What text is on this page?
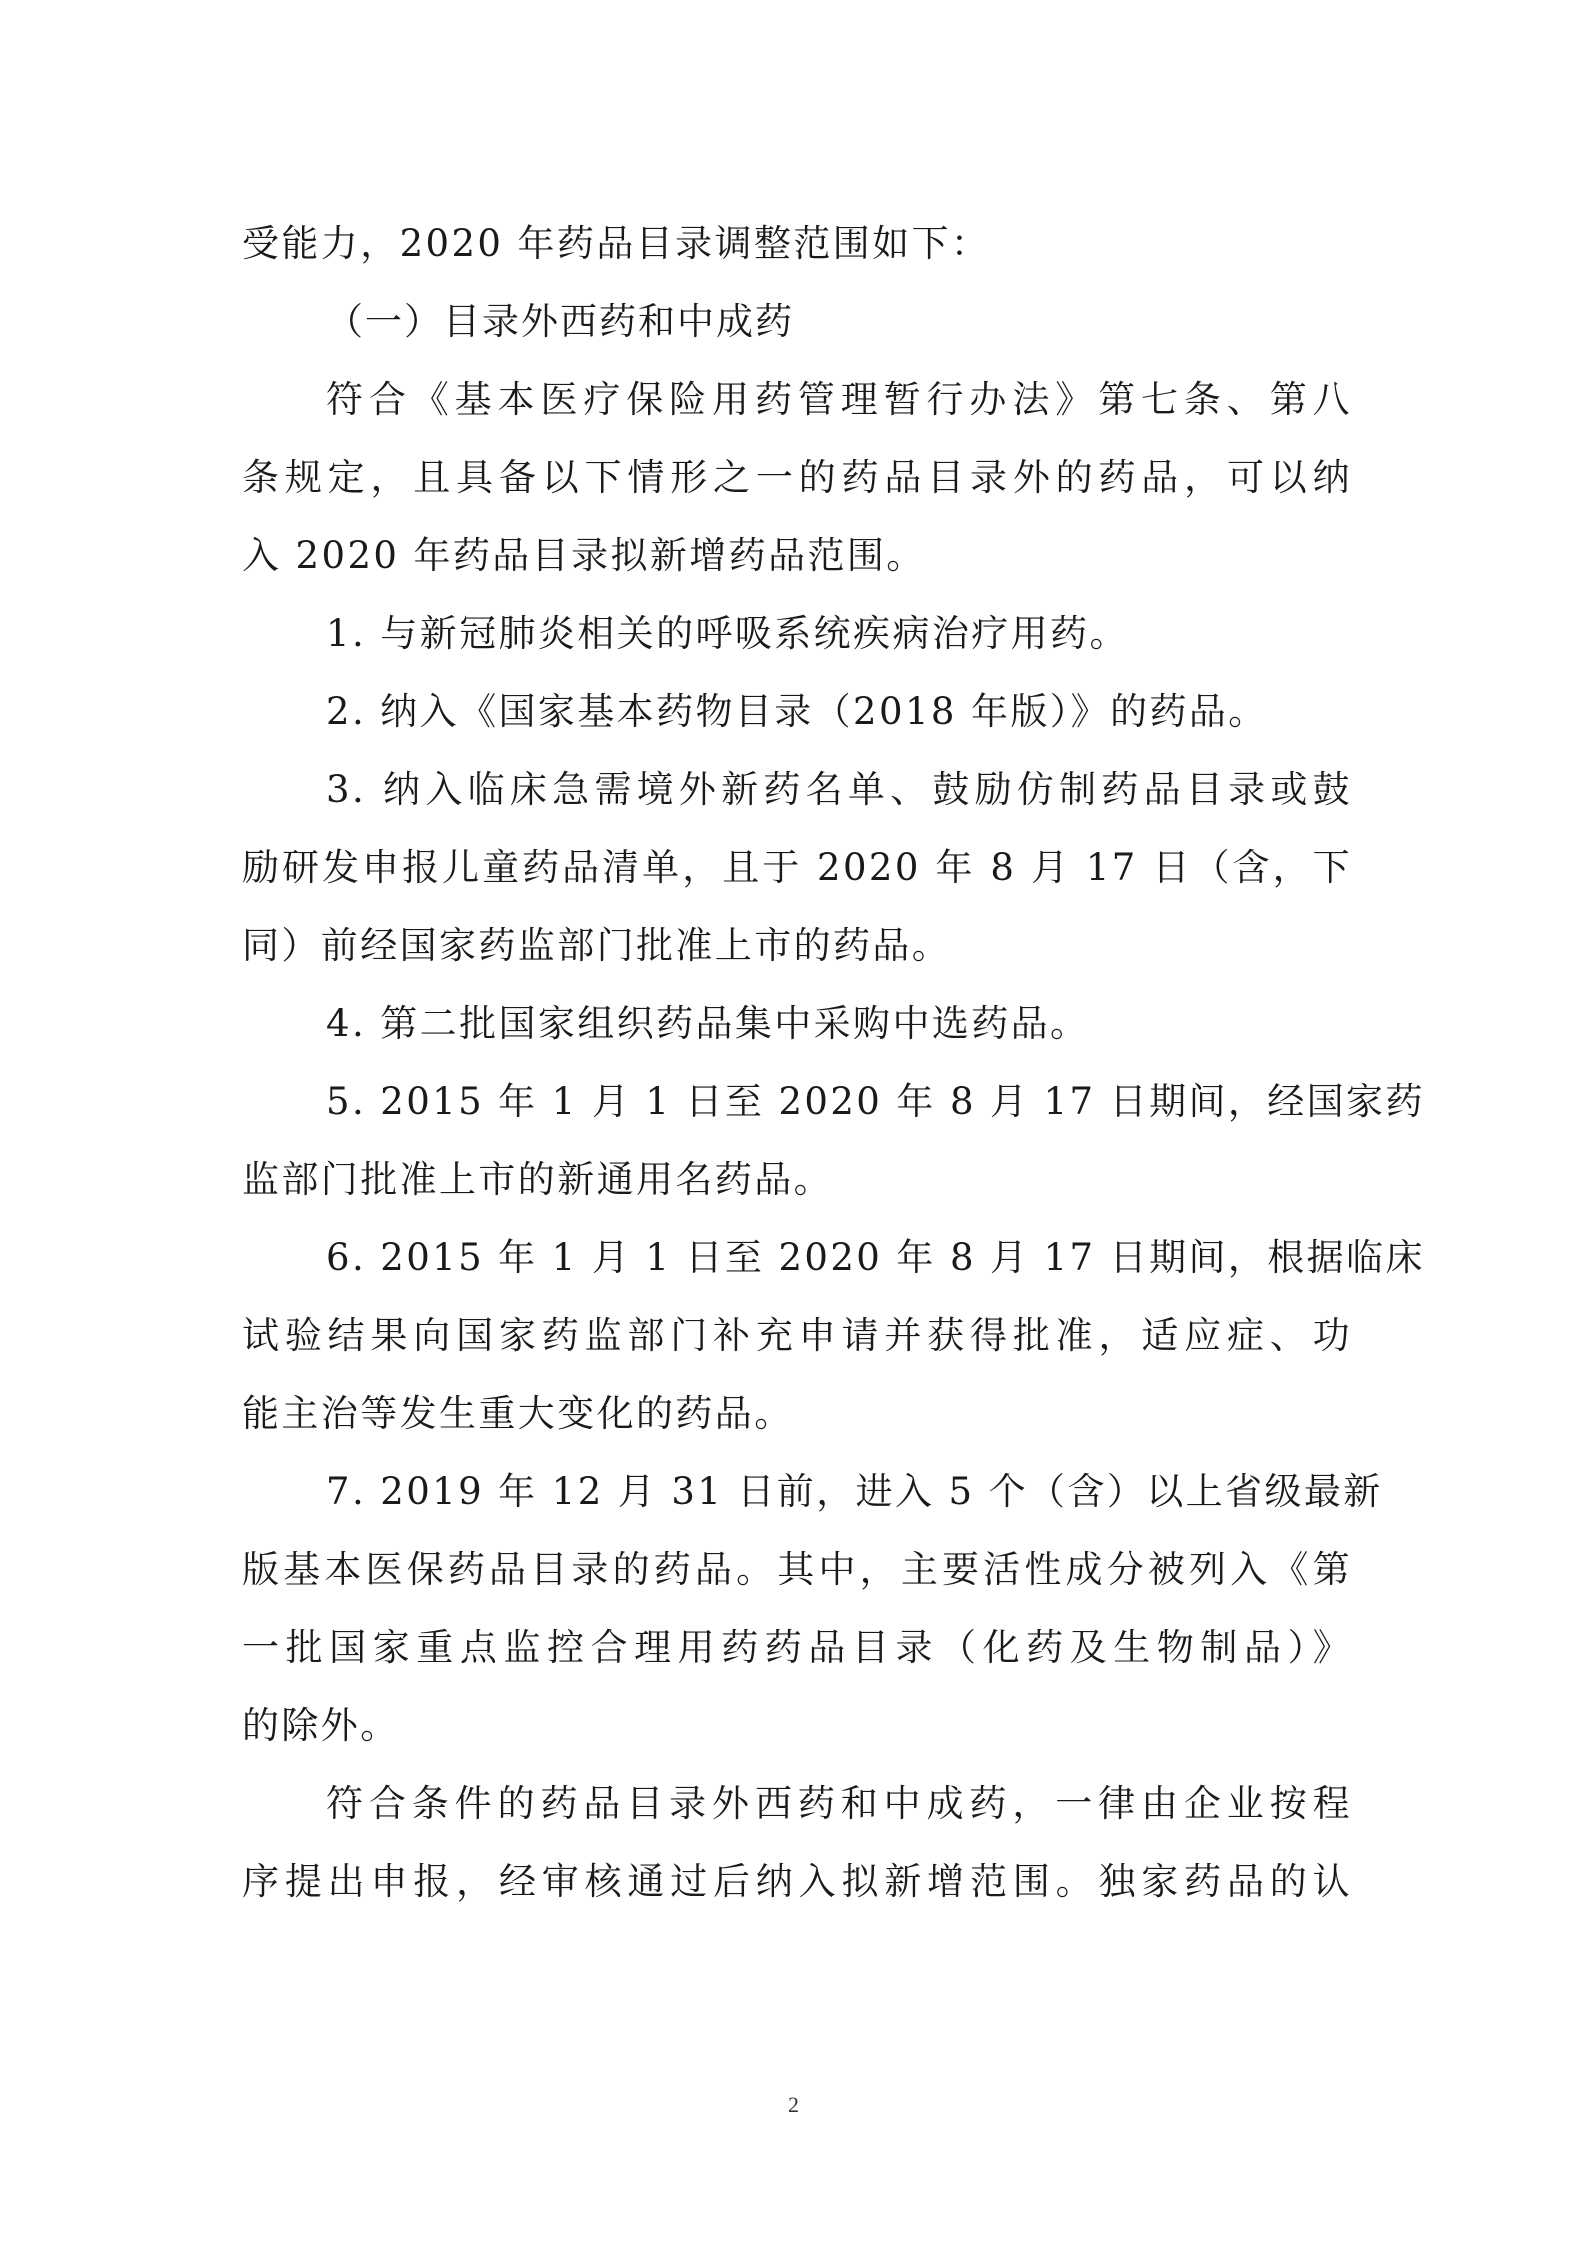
受能力，2020 年药品目录调整范围如下：
（一）目录外西药和中成药
符合《基本医疗保险用药管理暂行办法》第七条、第八
条规定，且具备以下情形之一的药品目录外的药品，可以纳
入 2020 年药品目录拟新增药品范围。
1. 与新冠肺炎相关的呼吸系统疾病治疗用药。
2. 纳入《国家基本药物目录（2018 年版）》的药品。
3. 纳入临床急需境外新药名单、鼓励仿制药品目录或鼓
励研发申报儿童药品清单，且于 2020 年 8 月 17 日（含，下
同）前经国家药监部门批准上市的药品。
4. 第二批国家组织药品集中采购中选药品。
5. 2015 年 1 月 1 日至 2020 年 8 月 17 日期间，经国家药
监部门批准上市的新通用名药品。
6. 2015 年 1 月 1 日至 2020 年 8 月 17 日期间，根据临床
试验结果向国家药监部门补充申请并获得批准，适应症、功
能主治等发生重大变化的药品。
7. 2019 年 12 月 31 日前，进入 5 个（含）以上省级最新
版基本医保药品目录的药品。其中，主要活性成分被列入《第
一批国家重点监控合理用药药品目录（化药及生物制品）》
的除外。
符合条件的药品目录外西药和中成药，一律由企业按程
序提出申报，经审核通过后纳入拟新增范围。独家药品的认
2
